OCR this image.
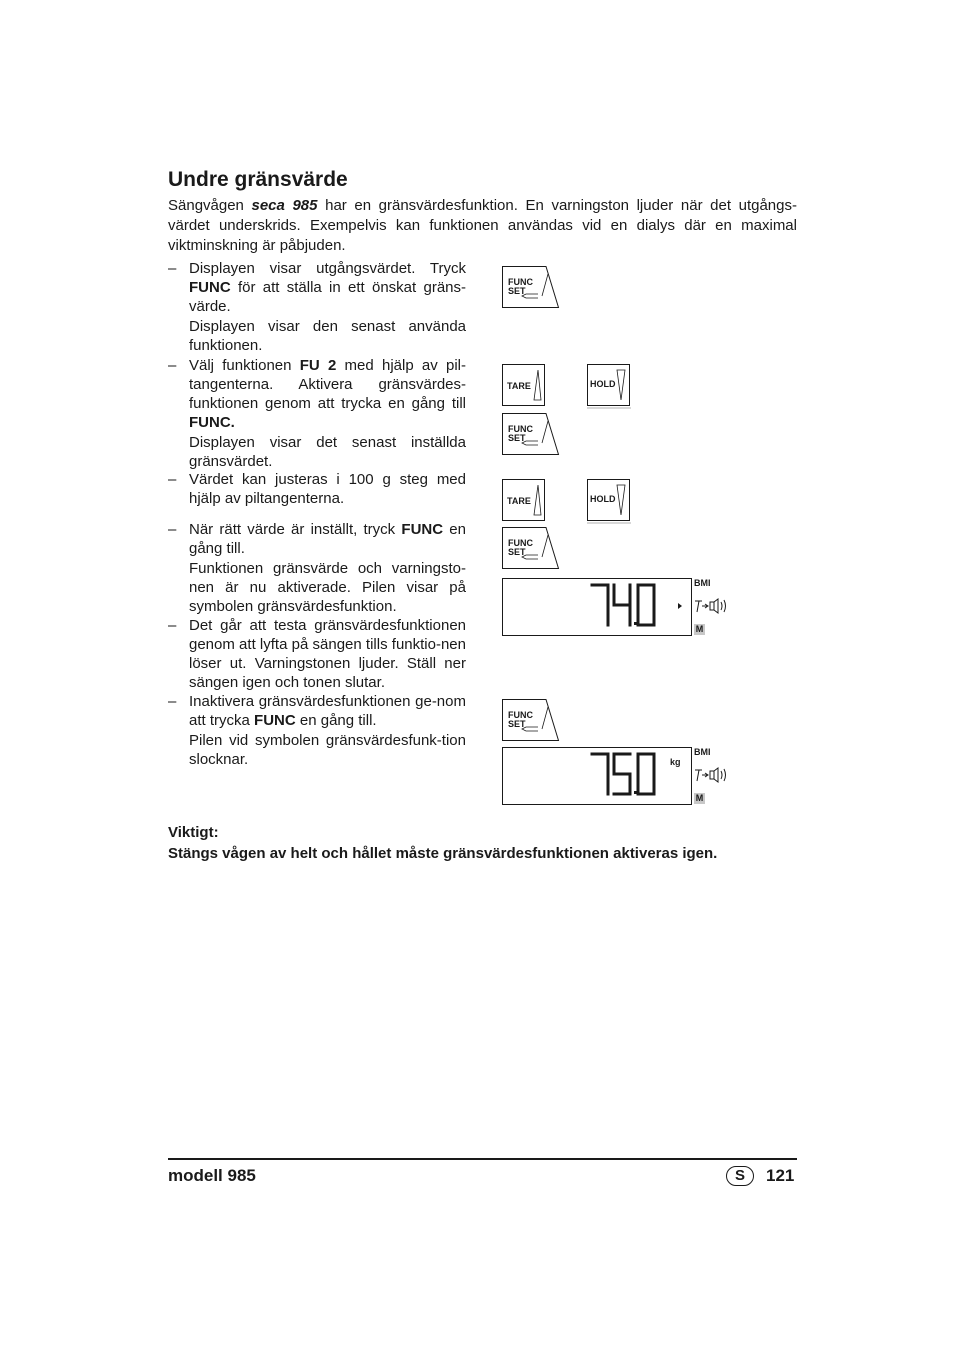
Undre gränsvärde

Sängvågen seca 985 har en gränsvärdesfunktion. En varningston ljuder när det utgångs-värdet underskrids. Exempelvis kan funktionen användas vid en dialys där en maximal viktminskning är påbjuden.

– Displayen visar utgångsvärdet. Tryck FUNC för att ställa in ett önskat gräns-värde.

Displayen visar den senast använda funktionen.

– Välj funktionen FU 2 med hjälp av pil-tangenterna. Aktivera gränsvärdes-funktionen genom att trycka en gång till FUNC.

Displayen visar det senast inställda gränsvärdet.

– Värdet kan justeras i 100 g steg med hjälp av piltangenterna.

– När rätt värde är inställt, tryck FUNC en gång till.

Funktionen gränsvärde och varningsto-nen är nu aktiverade. Pilen visar på symbolen gränsvärdesfunktion.

– Det går att testa gränsvärdesfunktionen genom att lyfta på sängen tills funktio-nen löser ut. Varningstonen ljuder. Ställ ner sängen igen och tonen slutar.

– Inaktivera gränsvärdesfunktionen ge-nom att trycka FUNC en gång till.

Pilen vid symbolen gränsvärdesfunk-tion slocknar.

FUNC
SET
TARE	HOLD
FUNC
SET
TARE	HOLD
FUNC
SET
BMI
M
FUNC
SET
kg
BMI
M

Viktigt:

Stängs vågen av helt och hållet måste gränsvärdesfunktionen aktiveras igen.

modell 985	S	121
